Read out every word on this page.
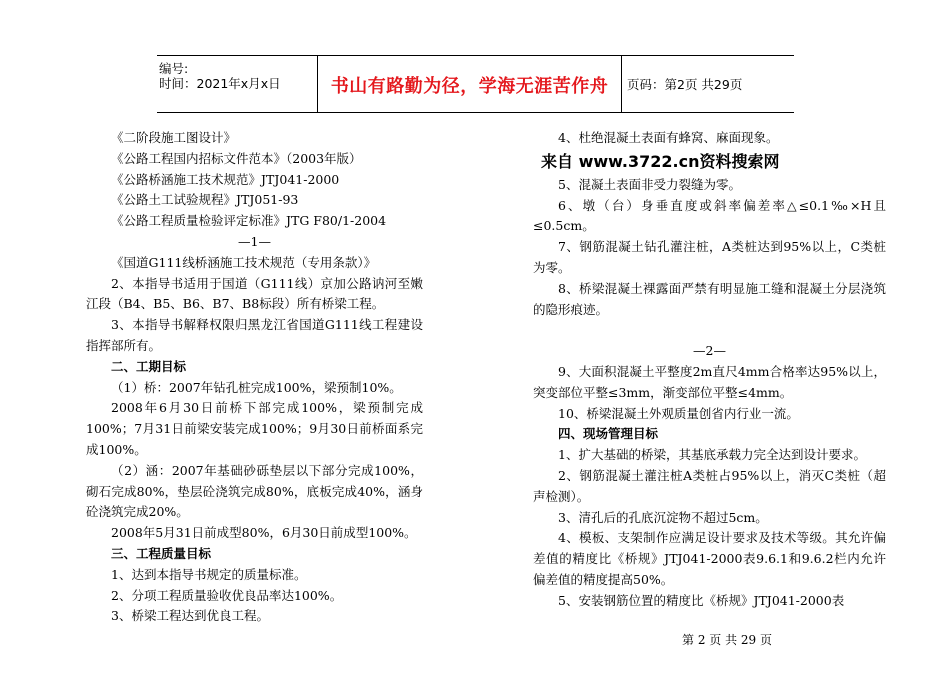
编号:
时间：2021年x月x日	书山有路勤为径，学海无涯苦作舟	页码：第2页 共29页

《二阶段施工图设计》

《公路工程国内招标文件范本》（2003年版）

《公路桥涵施工技术规范》JTJ041-2000

《公路土工试验规程》JTJ051-93

《公路工程质量检验评定标准》JTG F80/1-2004

—1—

《国道G111线桥涵施工技术规范（专用条款）》

2、本指导书适用于国道（G111线）京加公路讷河至嫩江段（B4、B5、B6、B7、B8标段）所有桥梁工程。

3、本指导书解释权限归黑龙江省国道G111线工程建设指挥部所有。

二、工期目标

（1）桥：2007年钻孔桩完成100%，梁预制10%。

2008年6月30日前桥下部完成100%，梁预制完成100%；7月31日前梁安装完成100%；9月30日前桥面系完成100%。

（2）涵：2007年基础砂砾垫层以下部分完成100%，砌石完成80%，垫层砼浇筑完成80%，底板完成40%，涵身砼浇筑完成20%。

2008年5月31日前成型80%，6月30日前成型100%。

三、工程质量目标

1、达到本指导书规定的质量标准。

2、分项工程质量验收优良品率达100%。

3、桥梁工程达到优良工程。

4、杜绝混凝土表面有蜂窝、麻面现象。

来自 www.3722.cn资料搜索网

5、混凝土表面非受力裂缝为零。

6、墩（台）身垂直度或斜率偏差率△≤0.1‰×H且≤0.5cm。

7、钢筋混凝土钻孔灌注桩，A类桩达到95%以上，C类桩为零。

8、桥梁混凝土裸露面严禁有明显施工缝和混凝土分层浇筑的隐形痕迹。

—2—

9、大面积混凝土平整度2m直尺4mm合格率达95%以上，突变部位平整≤3mm，渐变部位平整≤4mm。

10、桥梁混凝土外观质量创省内行业一流。

四、现场管理目标

1、扩大基础的桥梁，其基底承载力完全达到设计要求。

2、钢筋混凝土灌注桩A类桩占95%以上，消灭C类桩（超声检测）。

3、清孔后的孔底沉淀物不超过5cm。

4、模板、支架制作应满足设计要求及技术等级。其允许偏差值的精度比《桥规》JTJ041-2000表9.6.1和9.6.2栏内允许偏差值的精度提高50%。

5、安装钢筋位置的精度比《桥规》JTJ041-2000表

第 2 页 共 29 页
